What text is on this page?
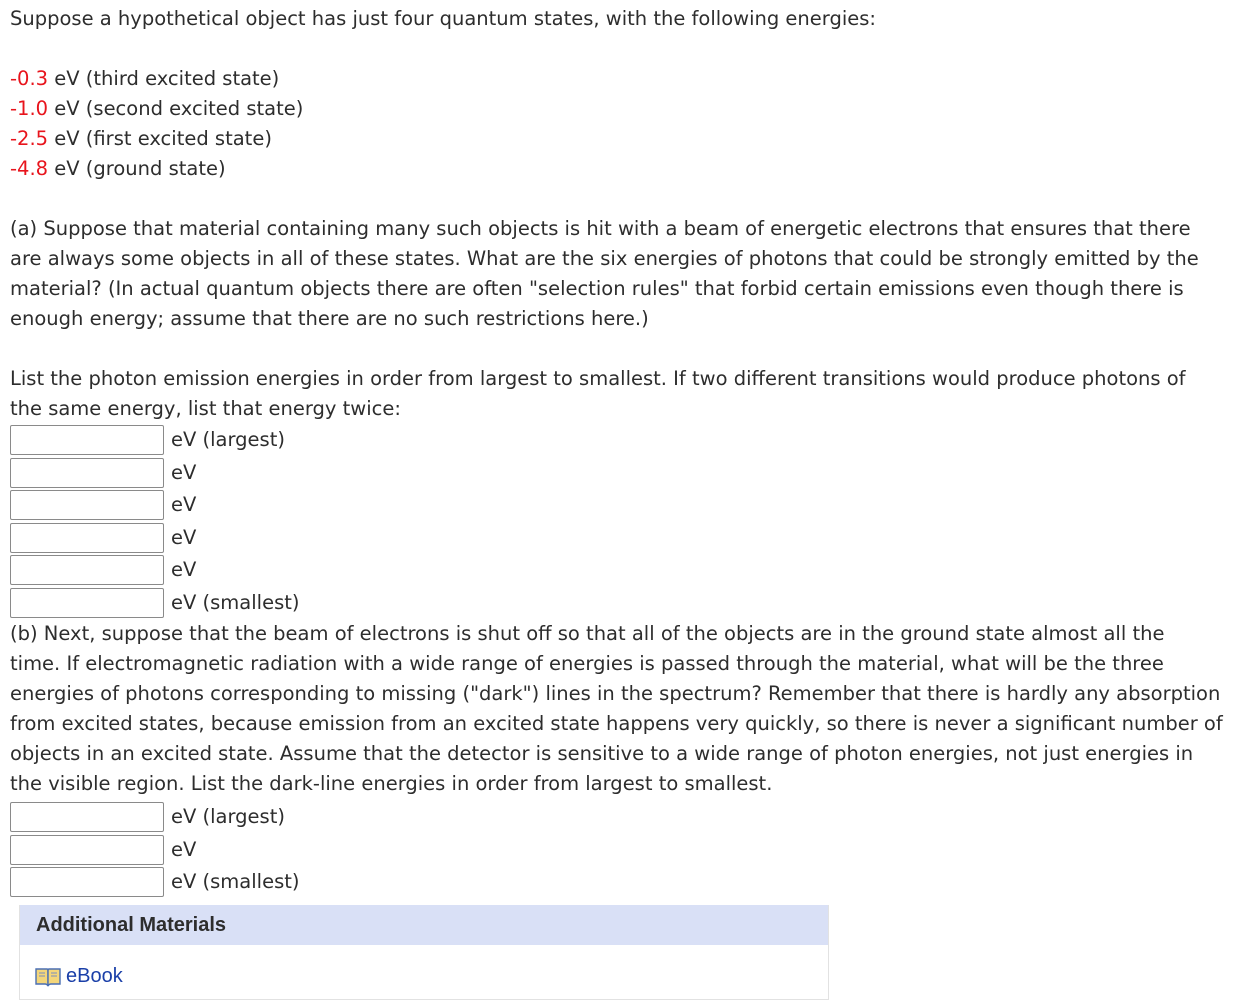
Suppose a hypothetical object has just four quantum states, with the following energies:
-0.3 eV (third excited state)
-1.0 eV (second excited state)
-2.5 eV (first excited state)
-4.8 eV (ground state)
(a) Suppose that material containing many such objects is hit with a beam of energetic electrons that ensures that there
are always some objects in all of these states. What are the six energies of photons that could be strongly emitted by the
material? (In actual quantum objects there are often "selection rules" that forbid certain emissions even though there is
enough energy; assume that there are no such restrictions here.)
List the photon emission energies in order from largest to smallest. If two different transitions would produce photons of
the same energy, list that energy twice:
eV (largest)
eV
eV
eV
eV
eV (smallest)
(b) Next, suppose that the beam of electrons is shut off so that all of the objects are in the ground state almost all the
time. If electromagnetic radiation with a wide range of energies is passed through the material, what will be the three
energies of photons corresponding to missing ("dark") lines in the spectrum? Remember that there is hardly any absorption
from excited states, because emission from an excited state happens very quickly, so there is never a significant number of
objects in an excited state. Assume that the detector is sensitive to a wide range of photon energies, not just energies in
the visible region. List the dark-line energies in order from largest to smallest.
eV (largest)
eV
eV (smallest)
Additional Materials
eBook
